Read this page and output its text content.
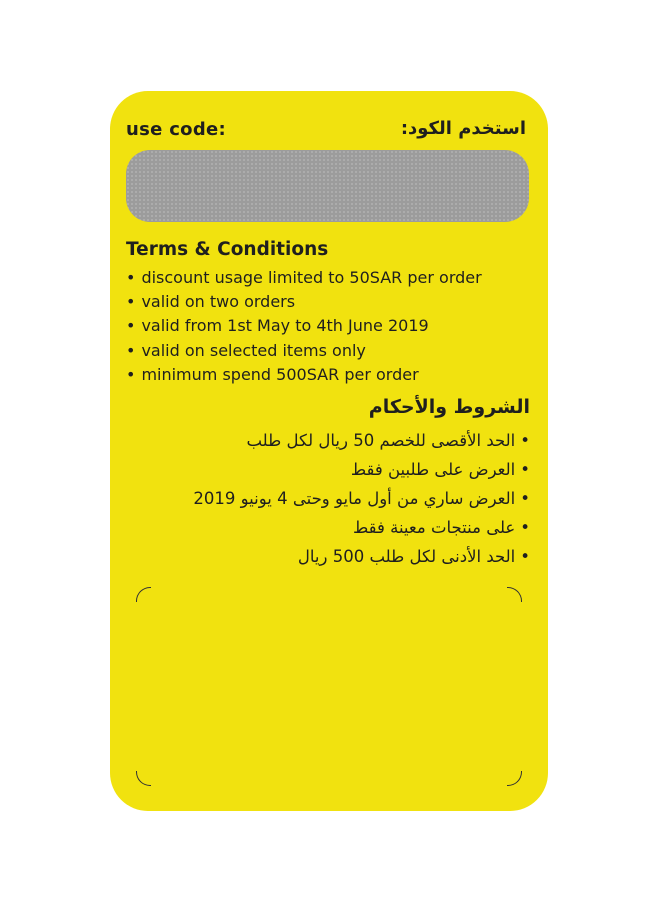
use code:	استخدم الكود:
Terms & Conditions
• discount usage limited to 50SAR per order
• valid on two orders
• valid from 1st May to 4th June 2019
• valid on selected items only
• minimum spend 500SAR per order
الشروط والأحكام
• الحد الأقصى للخصم 50 ريال لكل طلب
• العرض على طلبين فقط
• العرض ساري من أول مايو وحتى 4 يونيو 2019
• على منتجات معينة فقط
• الحد الأدنى لكل طلب 500 ريال
